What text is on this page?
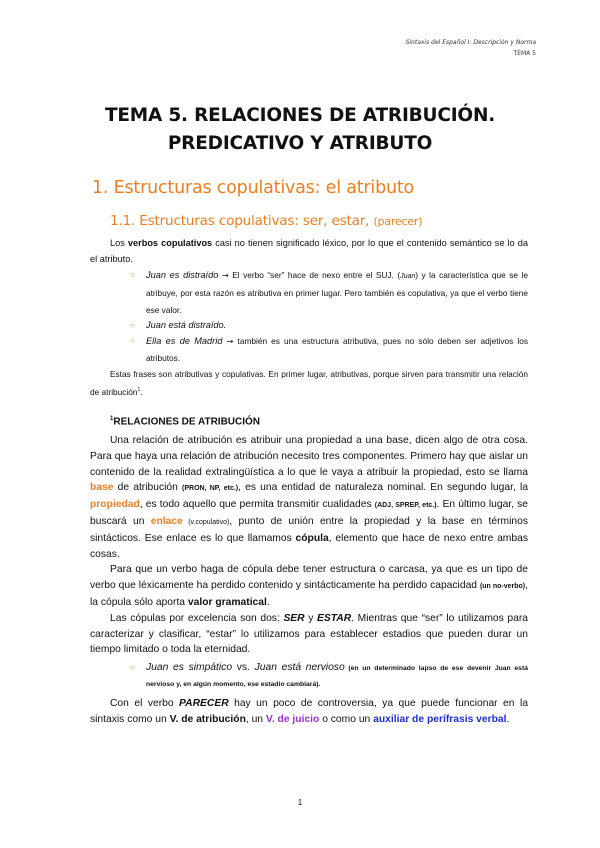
Sintaxis del Español I: Descripción y Norma
TEMA 5
TEMA 5. RELACIONES DE ATRIBUCIÓN.
PREDICATIVO Y ATRIBUTO
1. Estructuras copulativas: el atributo
1.1. Estructuras copulativas: ser, estar, (parecer)

Los verbos copulativos casi no tienen significado léxico, por lo que el contenido semántico se lo da el atributo.

○	Juan es distraído → El verbo “ser” hace de nexo entre el SUJ. (Juan) y la característica que se le atribuye, por esta razón es atributiva en primer lugar. Pero también es copulativa, ya que el verbo tiene ese valor.
○	Juan está distraído.
○	Ella es de Madrid → también es una estructura atributiva, pues no sólo deben ser adjetivos los atributos.

Estas frases son atributivas y copulativas. En primer lugar, atributivas, porque sirven para transmitir una relación de atribución$^1$.

$^1$RELACIONES DE ATRIBUCIÓN

Una relación de atribución es atribuir una propiedad a una base, dicen algo de otra cosa. Para que haya una relación de atribución necesito tres componentes. Primero hay que aislar un contenido de la realidad extralingüística a lo que le vaya a atribuir la propiedad, esto se llama base de atribución (PRON, NP, etc.), es una entidad de naturaleza nominal. En segundo lugar, la propiedad, es todo aquello que permita transmitir cualidades (ADJ, SPREP, etc.). En último lugar, se buscará un enlace (v.copulativo), punto de unión entre la propiedad y la base en términos sintácticos. Ese enlace es lo que llamamos cópula, elemento que hace de nexo entre ambas cosas.

Para que un verbo haga de cópula debe tener estructura o carcasa, ya que es un tipo de verbo que léxicamente ha perdido contenido y sintácticamente ha perdido capacidad (un no-verbo), la cópula sólo aporta valor gramatical.

Las cópulas por excelencia son dos: SER y ESTAR. Mientras que “ser” lo utilizamos para caracterizar y clasificar, “estar” lo utilizamos para establecer estadios que pueden durar un tiempo limitado o toda la eternidad.

○	Juan es simpático vs. Juan está nervioso (en un determinado lapso de ese devenir Juan está nervioso y, en algún momento, ese estadio cambiará).

Con el verbo PARECER hay un poco de controversia, ya que puede funcionar en la sintaxis como un V. de atribución, un V. de juicio o como un auxiliar de perífrasis verbal.

1
